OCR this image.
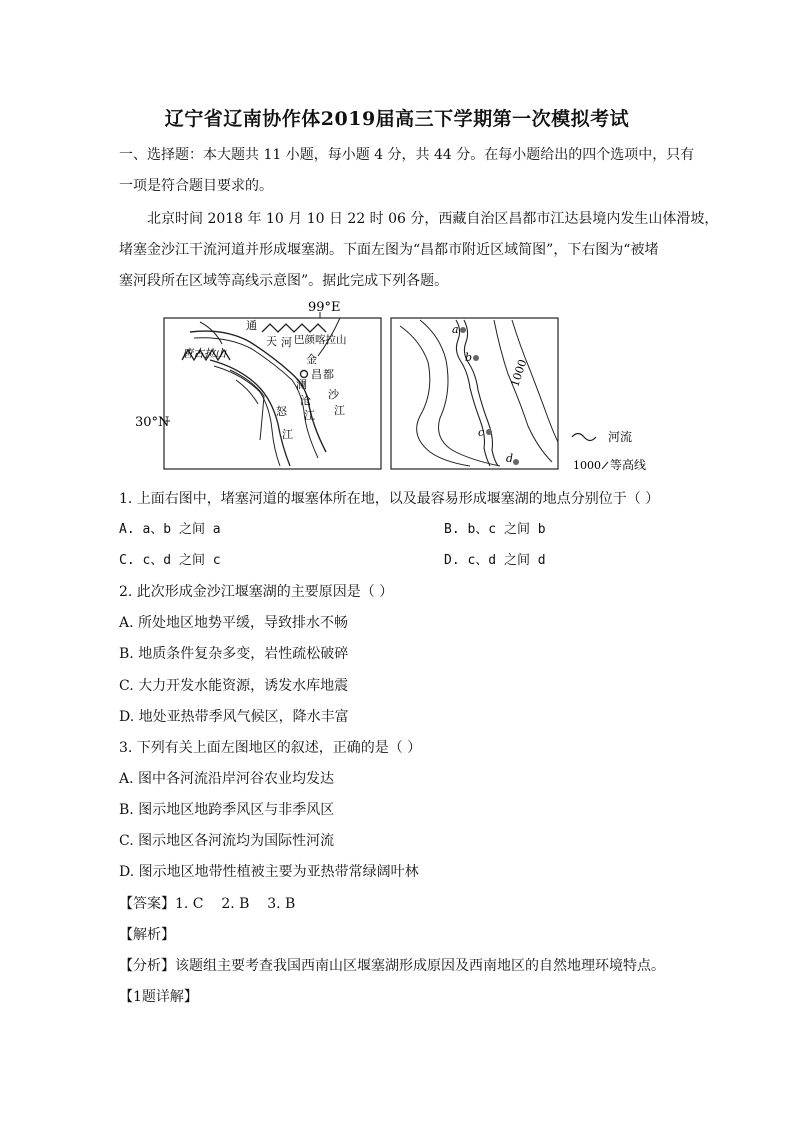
辽宁省辽南协作体2019届高三下学期第一次模拟考试
一、选择题：本大题共 11 小题，每小题 4 分，共 44 分。在每小题给出的四个选项中，只有
一项是符合题目要求的。
北京时间 2018 年 10 月 10 日 22 时 06 分，西藏自治区昌都市江达县境内发生山体滑坡，
堵塞金沙江干流河道并形成堰塞湖。下面左图为“昌都市附近区域简图”，下右图为“被堵
塞河段所在区域等高线示意图”。据此完成下列各题。
99°E
30°N
通
天 河 巴颜喀拉山
唐古拉山	金
昌 都
沙
江
澜
沧
江
怒
江
1000
a
b
c
d
河流
1000 等高线
1. 上面右图中，堵塞河道的堰塞体所在地，以及最容易形成堰塞湖的地点分别位于（ ）
A. a、b 之间 a	B. b、c 之间 b
C. c、d 之间 c	D. c、d 之间 d
2. 此次形成金沙江堰塞湖的主要原因是（ ）
A. 所处地区地势平缓，导致排水不畅
B. 地质条件复杂多变，岩性疏松破碎
C. 大力开发水能资源，诱发水库地震
D. 地处亚热带季风气候区，降水丰富
3. 下列有关上面左图地区的叙述，正确的是（ ）
A. 图中各河流沿岸河谷农业均发达
B. 图示地区地跨季风区与非季风区
C. 图示地区各河流均为国际性河流
D. 图示地区地带性植被主要为亚热带常绿阔叶林
【答案】1. C    2. B    3. B
【解析】
【分析】该题组主要考查我国西南山区堰塞湖形成原因及西南地区的自然地理环境特点。
【1题详解】
